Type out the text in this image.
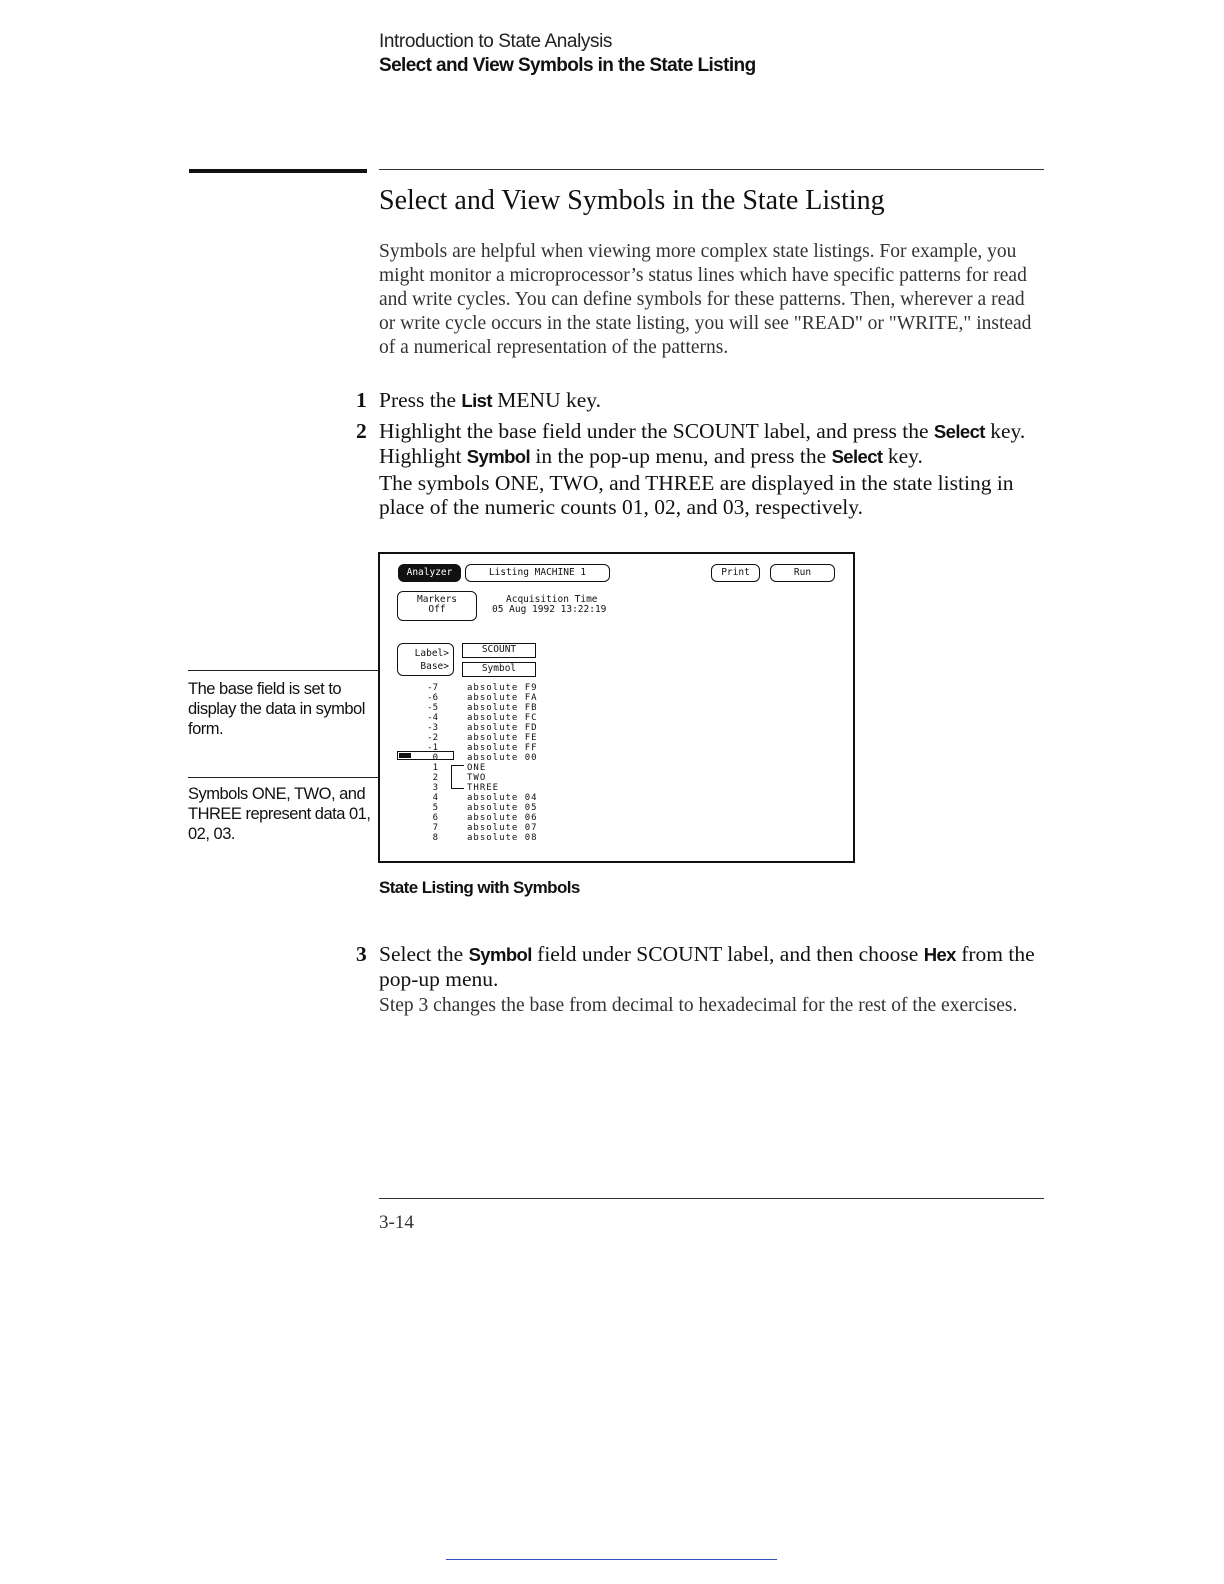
Introduction to State Analysis
Select and View Symbols in the State Listing
Select and View Symbols in the State Listing
Symbols are helpful when viewing more complex state listings. For example, you might monitor a microprocessor’s status lines which have specific patterns for read and write cycles. You can define symbols for these patterns. Then, wherever a read or write cycle occurs in the state listing, you will see "READ" or "WRITE," instead of a numerical representation of the patterns.
1 Press the List MENU key.
2 Highlight the base field under the SCOUNT label, and press the Select key. Highlight Symbol in the pop-up menu, and press the Select key.
The symbols ONE, TWO, and THREE are displayed in the state listing in place of the numeric counts 01, 02, and 03, respectively.
The base field is set to display the data in symbol form.
Symbols ONE, TWO, and THREE represent data 01, 02, 03.
Analyzer	Listing MACHINE 1	Print	Run
Markers
Off
Acquisition Time
05 Aug 1992 13:22:19
Label>
Base>
SCOUNT
Symbol
-7	absolute F9
-6	absolute FA
-5	absolute FB
-4	absolute FC
-3	absolute FD
-2	absolute FE
-1	absolute FF
0	absolute 00
1	ONE
2	TWO
3	THREE
4	absolute 04
5	absolute 05
6	absolute 06
7	absolute 07
8	absolute 08
State Listing with Symbols
3 Select the Symbol field under SCOUNT label, and then choose Hex from the pop-up menu.
Step 3 changes the base from decimal to hexadecimal for the rest of the exercises.
3-14
